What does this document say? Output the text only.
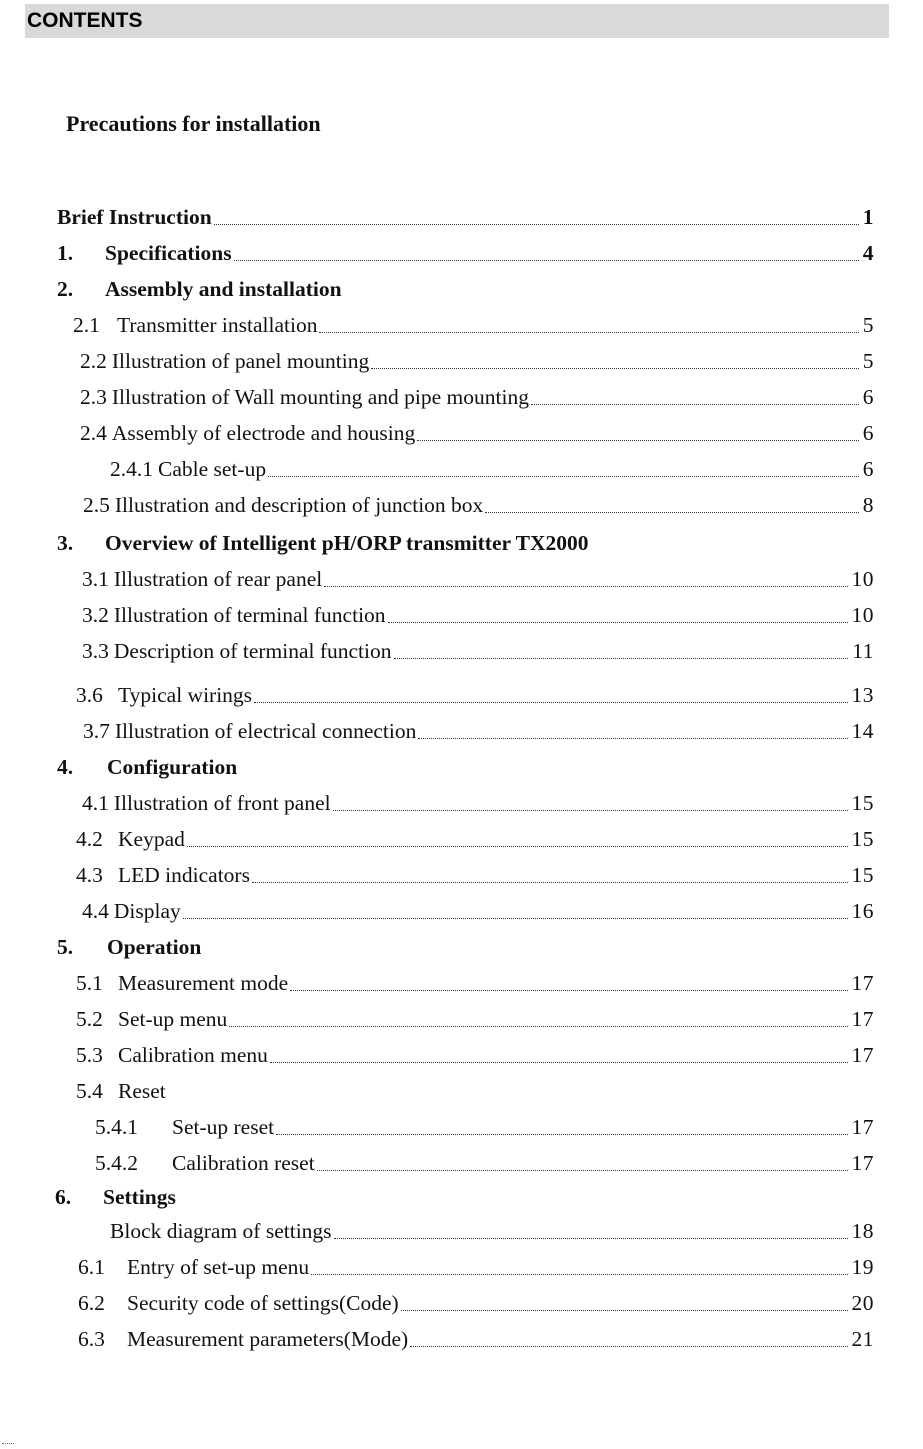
CONTENTS
Precautions for installation
Brief Instruction	1
1.	Specifications	4
2.	Assembly and installation
2.1 Transmitter installation	5
2.2 Illustration of panel mounting	5
2.3 Illustration of Wall mounting and pipe mounting	6
2.4 Assembly of electrode and housing	6
2.4.1 Cable set-up	6
2.5 Illustration and description of junction box	8
3.	Overview of Intelligent pH/ORP transmitter TX2000
3.1 Illustration of rear panel	10
3.2 Illustration of terminal function	10
3.3 Description of terminal function	11
3.6 Typical wirings	13
3.7 Illustration of electrical connection	14
4.	Configuration
4.1 Illustration of front panel	15
4.2 Keypad	15
4.3 LED indicators	15
4.4 Display	16
5.	Operation
5.1 Measurement mode	17
5.2 Set-up menu	17
5.3 Calibration menu	17
5.4 Reset
5.4.1	Set-up reset	17
5.4.2	Calibration reset	17
6.	Settings
Block diagram of settings	18
6.1	Entry of set-up menu	19
6.2	Security code of settings(Code)	20
6.3	Measurement parameters(Mode)	21
